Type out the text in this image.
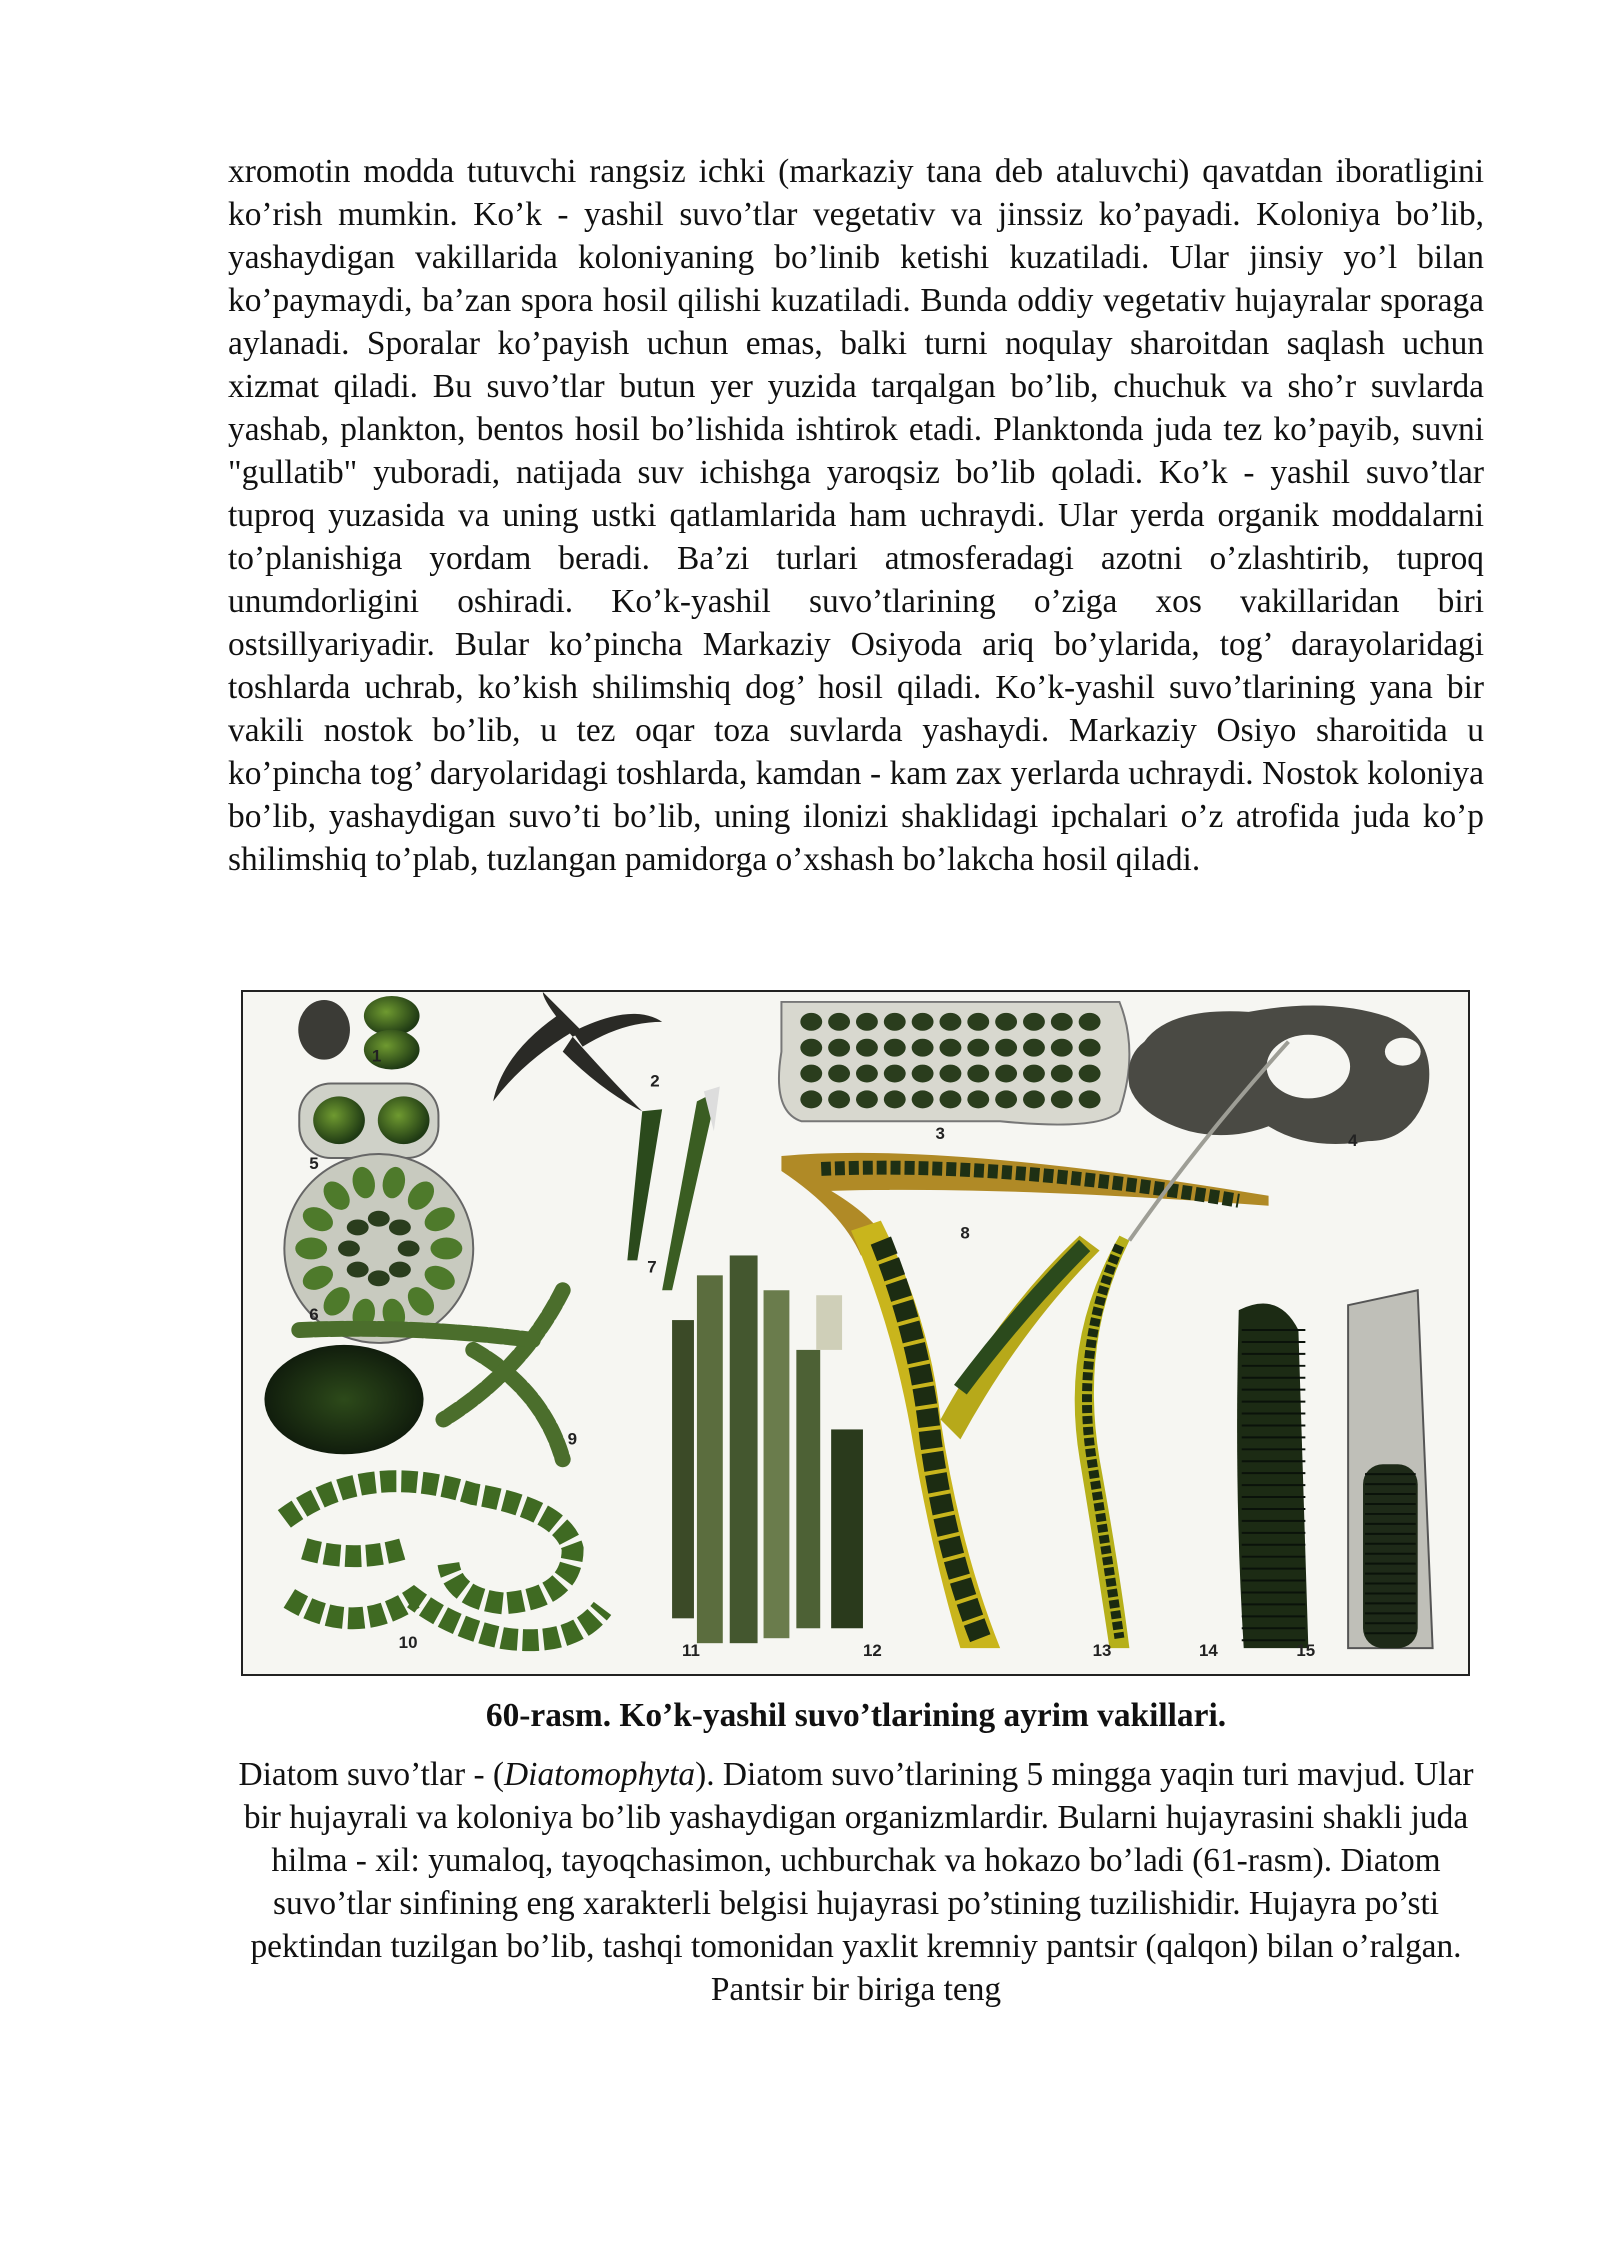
xromotin modda tutuvchi rangsiz ichki (markaziy tana deb ataluvchi) qavatdan iboratligini ko’rish mumkin. Ko’k - yashil suvo’tlar vegetativ va jinssiz ko’payadi. Koloniya bo’lib, yashaydigan vakillarida koloniyaning bo’linib ketishi kuzatiladi. Ular jinsiy yo’l bilan ko’paymaydi, ba’zan spora hosil qilishi kuzatiladi. Bunda oddiy vegetativ hujayralar sporaga aylanadi. Sporalar ko’payish uchun emas, balki turni noqulay sharoitdan saqlash uchun xizmat qiladi. Bu suvo’tlar butun yer yuzida tarqalgan bo’lib, chuchuk va sho’r suvlarda yashab, plankton, bentos hosil bo’lishida ishtirok etadi. Planktonda juda tez ko’payib, suvni "gullatib" yuboradi, natijada suv ichishga yaroqsiz bo’lib qoladi. Ko’k - yashil suvo’tlar tuproq yuzasida va uning ustki qatlamlarida ham uchraydi. Ular yerda organik moddalarni to’planishiga yordam beradi. Ba’zi turlari atmosferadagi azotni o’zlashtirib, tuproq unumdorligini oshiradi. Ko’k-yashil suvo’tlarining o’ziga xos vakillaridan biri ostsillyariyadir. Bular ko’pincha Markaziy Osiyoda ariq bo’ylarida, tog’ darayolaridagi toshlarda uchrab, ko’kish shilimshiq dog’ hosil qiladi. Ko’k-yashil suvo’tlarining yana bir vakili nostok bo’lib, u tez oqar toza suvlarda yashaydi. Markaziy Osiyo sharoitida u ko’pincha tog’ daryolaridagi toshlarda, kamdan - kam zax yerlarda uchraydi. Nostok koloniya bo’lib, yashaydigan suvo’ti bo’lib, uning ilonizi shaklidagi ipchalari o’z atrofida juda ko’p shilimshiq to’plab, tuzlangan pamidorga o’xshash bo’lakcha hosil qiladi.

1
2
3	4
5
6
7
8
9
10	11	12	13	14	15

60-rasm. Ko’k-yashil suvo’tlarining ayrim vakillari.

Diatom suvo’tlar - (Diatomophyta). Diatom suvo’tlarining 5 mingga yaqin turi mavjud. Ular bir hujayrali va koloniya bo’lib yashaydigan organizmlardir. Bularni hujayrasini shakli juda hilma - xil: yumaloq, tayoqchasimon, uchburchak va hokazo bo’ladi (61-rasm). Diatom suvo’tlar sinfining eng xarakterli belgisi hujayrasi po’stining tuzilishidir. Hujayra po’sti pektindan tuzilgan bo’lib, tashqi tomonidan yaxlit kremniy pantsir (qalqon) bilan o’ralgan. Pantsir bir biriga teng
